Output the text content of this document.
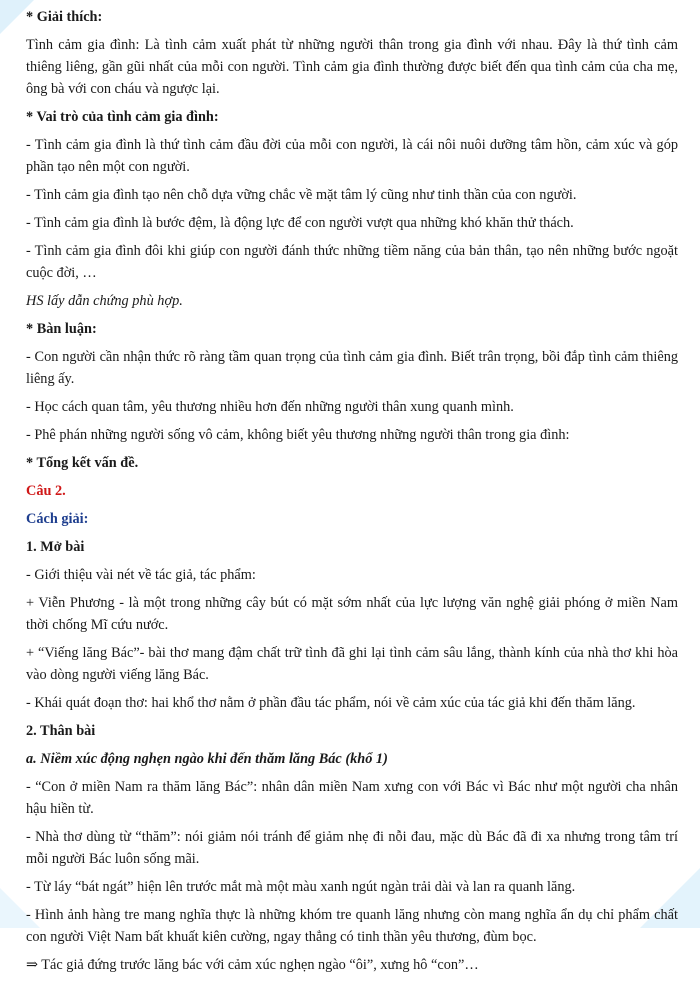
* Giải thích:

Tình cảm gia đình: Là tình cảm xuất phát từ những người thân trong gia đình với nhau. Đây là thứ tình cảm thiêng liêng, gần gũi nhất của mỗi con người. Tình cảm gia đình thường được biết đến qua tình cảm của cha mẹ, ông bà với con cháu và ngược lại.

* Vai trò của tình cảm gia đình:

- Tình cảm gia đình là thứ tình cảm đầu đời của mỗi con người, là cái nôi nuôi dưỡng tâm hồn, cảm xúc và góp phần tạo nên một con người.

- Tình cảm gia đình tạo nên chỗ dựa vững chắc về mặt tâm lý cũng như tinh thần của con người.

- Tình cảm gia đình là bước đệm, là động lực để con người vượt qua những khó khăn thử thách.

- Tình cảm gia đình đôi khi giúp con người đánh thức những tiềm năng của bản thân, tạo nên những bước ngoặt cuộc đời, …

HS lấy dẫn chứng phù hợp.

* Bàn luận:

- Con người cần nhận thức rõ ràng tầm quan trọng của tình cảm gia đình. Biết trân trọng, bồi đắp tình cảm thiêng liêng ấy.

- Học cách quan tâm, yêu thương nhiều hơn đến những người thân xung quanh mình.

- Phê phán những người sống vô cảm, không biết yêu thương những người thân trong gia đình:

* Tổng kết vấn đề.

Câu 2.

Cách giải:

1. Mở bài

- Giới thiệu vài nét về tác giả, tác phẩm:

+ Viễn Phương - là một trong những cây bút có mặt sớm nhất của lực lượng văn nghệ giải phóng ở miền Nam thời chống Mĩ cứu nước.

+ “Viếng lăng Bác”- bài thơ mang đậm chất trữ tình đã ghi lại tình cảm sâu lắng, thành kính của nhà thơ khi hòa vào dòng người viếng lăng Bác.

- Khái quát đoạn thơ: hai khổ thơ nằm ở phần đầu tác phẩm, nói về cảm xúc của tác giả khi đến thăm lăng.

2. Thân bài

a. Niềm xúc động nghẹn ngào khi đến thăm lăng Bác (khổ 1)

- “Con ở miền Nam ra thăm lăng Bác”: nhân dân miền Nam xưng con với Bác vì Bác như một người cha nhân hậu hiền từ.

- Nhà thơ dùng từ “thăm”: nói giảm nói tránh để giảm nhẹ đi nỗi đau, mặc dù Bác đã đi xa nhưng trong tâm trí mỗi người Bác luôn sống mãi.

- Từ láy “bát ngát” hiện lên trước mắt mà một màu xanh ngút ngàn trải dài và lan ra quanh lăng.

- Hình ảnh hàng tre mang nghĩa thực là những khóm tre quanh lăng nhưng còn mang nghĩa ẩn dụ chỉ phẩm chất con người Việt Nam bất khuất kiên cường, ngay thẳng có tinh thần yêu thương, đùm bọc.

⇒ Tác giả đứng trước lăng bác với cảm xúc nghẹn ngào “ôi”, xưng hô “con”…
